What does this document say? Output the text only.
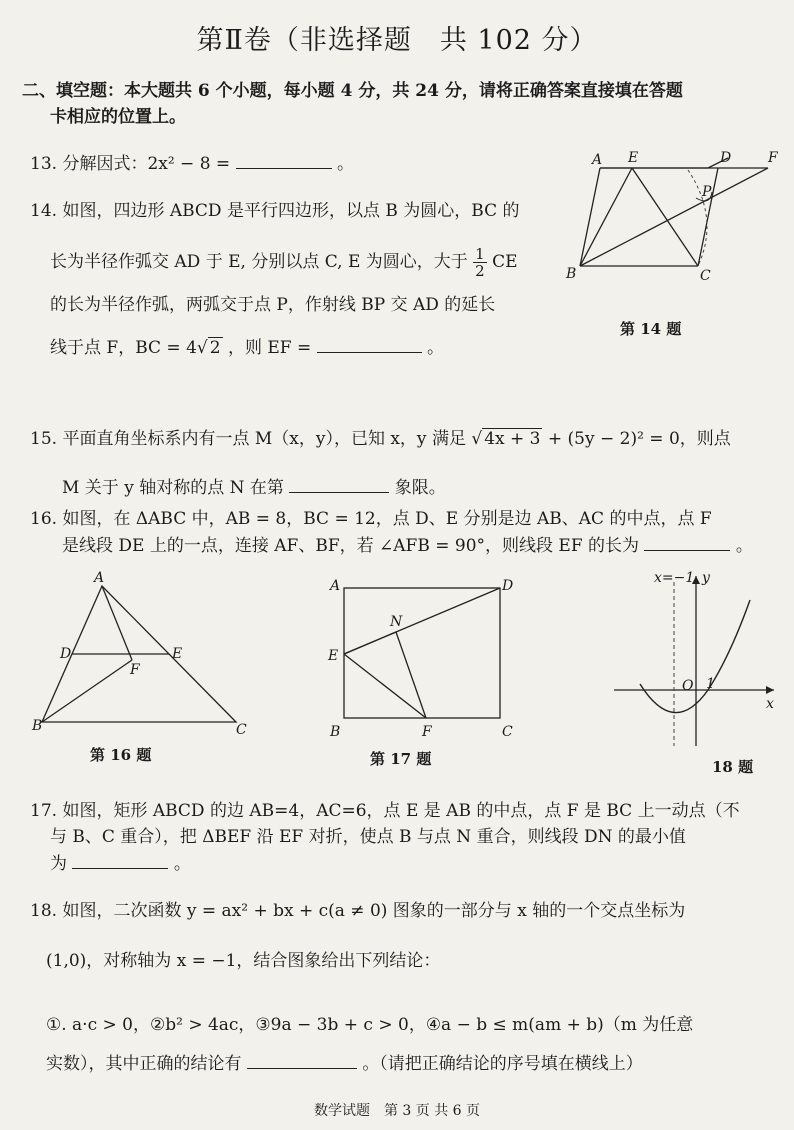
第Ⅱ卷（非选择题　共 102 分）
二、填空题：本大题共 6 个小题，每小题 4 分，共 24 分，请将正确答案直接填在答题
卡相应的位置上。
13. 分解因式：2x² − 8 =	。
14. 如图，四边形 ABCD 是平行四边形，以点 B 为圆心，BC 的
长为半径作弧交 AD 于 E, 分别以点 C, E 为圆心，大于 $\frac{1}{2}$ CE
的长为半径作弧，两弧交于点 P，作射线 BP 交 AD 的延长
线于点 F，BC = 4√ 2 ，则 EF =	。
A E	D	F
P
B	C
第 14 题
15. 平面直角坐标系内有一点 M（x，y），已知 x，y 满足 √ 4x + 3 + (5y − 2)² = 0，则点
M 关于 y 轴对称的点 N 在第	象限。
16. 如图，在 ΔABC 中，AB = 8，BC = 12，点 D、E 分别是边 AB、AC 的中点，点 F
是线段 DE 上的一点，连接 AF、BF，若 ∠AFB = 90°，则线段 EF 的长为	。
A
D	E
F
B	C
第 16 题
A	D
N
E
B	F	C
第 17 题
x=−1 y
x
O 1
18 题
17. 如图，矩形 ABCD 的边 AB=4，AC=6，点 E 是 AB 的中点，点 F 是 BC 上一动点（不
与 B、C 重合），把 ΔBEF 沿 EF 对折，使点 B 与点 N 重合，则线段 DN 的最小值
为	。
18. 如图，二次函数 y = ax² + bx + c(a ≠ 0) 图象的一部分与 x 轴的一个交点坐标为
(1,0)，对称轴为 x = −1，结合图象给出下列结论：
①. a·c > 0，②b² > 4ac，③9a − 3b + c > 0，④a − b ≤ m(am + b)（m 为任意
实数），其中正确的结论有	。（请把正确结论的序号填在横线上）
数学试题　第 3 页 共 6 页
